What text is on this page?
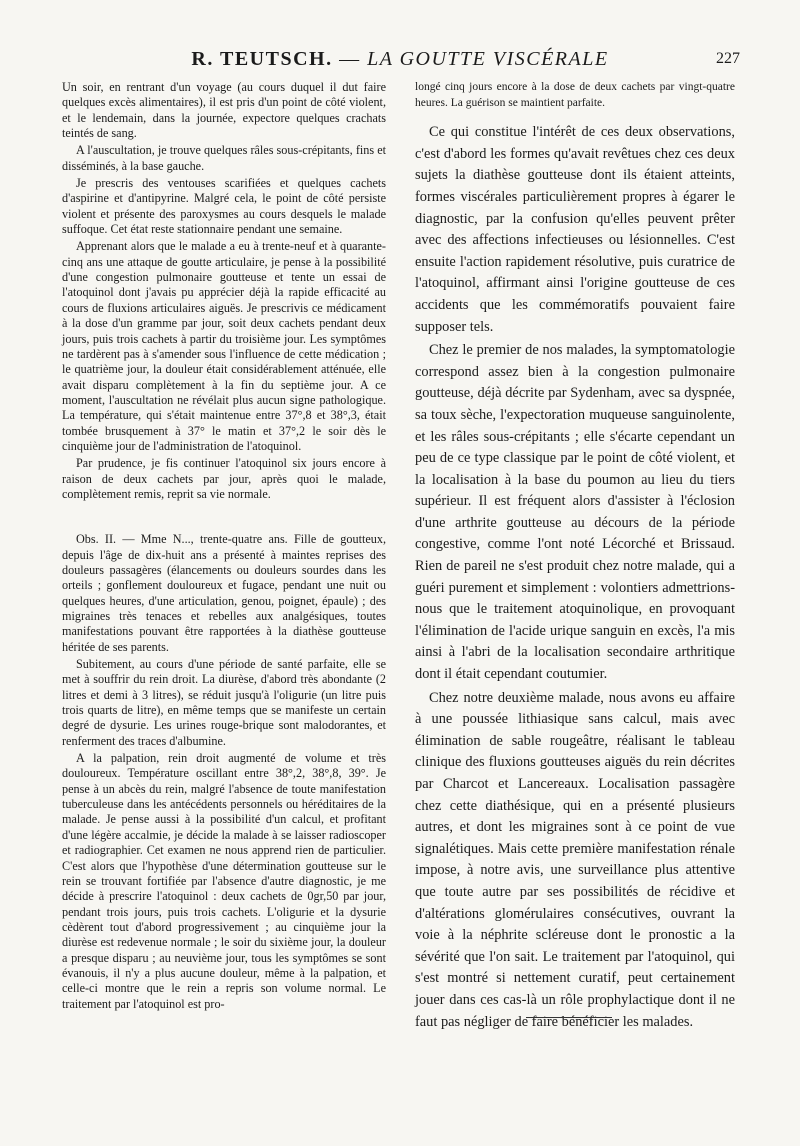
R. TEUTSCH. — LA GOUTTE VISCÉRALE	227

Un soir, en rentrant d'un voyage (au cours duquel il dut faire quelques excès alimentaires), il est pris d'un point de côté violent, et le lendemain, dans la journée, expectore quelques crachats teintés de sang.

A l'auscultation, je trouve quelques râles sous-crépitants, fins et disséminés, à la base gauche.

Je prescris des ventouses scarifiées et quelques cachets d'aspirine et d'antipyrine. Malgré cela, le point de côté persiste violent et présente des paroxysmes au cours desquels le malade suffoque. Cet état reste stationnaire pendant une semaine.

Apprenant alors que le malade a eu à trente-neuf et à quarante-cinq ans une attaque de goutte articulaire, je pense à la possibilité d'une congestion pulmonaire goutteuse et tente un essai de l'atoquinol dont j'avais pu apprécier déjà la rapide efficacité au cours de fluxions articulaires aiguës. Je prescrivis ce médicament à la dose d'un gramme par jour, soit deux cachets pendant deux jours, puis trois cachets à partir du troisième jour. Les symptômes ne tardèrent pas à s'amender sous l'influence de cette médication ; le quatrième jour, la douleur était considérablement atténuée, elle avait disparu complètement à la fin du septième jour. A ce moment, l'auscultation ne révélait plus aucun signe pathologique. La température, qui s'était maintenue entre 37°,8 et 38°,3, était tombée brusquement à 37° le matin et 37°,2 le soir dès le cinquième jour de l'administration de l'atoquinol.

Par prudence, je fis continuer l'atoquinol six jours encore à raison de deux cachets par jour, après quoi le malade, complètement remis, reprit sa vie normale.

Obs. II. — Mme N..., trente-quatre ans. Fille de goutteux, depuis l'âge de dix-huit ans a présenté à maintes reprises des douleurs passagères (élancements ou douleurs sourdes dans les orteils ; gonflement douloureux et fugace, pendant une nuit ou quelques heures, d'une articulation, genou, poignet, épaule) ; des migraines très tenaces et rebelles aux analgésiques, toutes manifestations pouvant être rapportées à la diathèse goutteuse héritée de ses parents.

Subitement, au cours d'une période de santé parfaite, elle se met à souffrir du rein droit. La diurèse, d'abord très abondante (2 litres et demi à 3 litres), se réduit jusqu'à l'oligurie (un litre puis trois quarts de litre), en même temps que se manifeste un certain degré de dysurie. Les urines rouge-brique sont malodorantes, et renferment des traces d'albumine.

A la palpation, rein droit augmenté de volume et très douloureux. Température oscillant entre 38°,2, 38°,8, 39°. Je pense à un abcès du rein, malgré l'absence de toute manifestation tuberculeuse dans les antécédents personnels ou héréditaires de la malade. Je pense aussi à la possibilité d'un calcul, et profitant d'une légère accalmie, je décide la malade à se laisser radioscoper et radiographier. Cet examen ne nous apprend rien de particulier. C'est alors que l'hypothèse d'une détermination goutteuse sur le rein se trouvant fortifiée par l'absence d'autre diagnostic, je me décide à prescrire l'atoquinol : deux cachets de 0gr,50 par jour, pendant trois jours, puis trois cachets. L'oligurie et la dysurie cèdèrent tout d'abord progressivement ; au cinquième jour la diurèse est redevenue normale ; le soir du sixième jour, la douleur a presque disparu ; au neuvième jour, tous les symptômes se sont évanouis, il n'y a plus aucune douleur, même à la palpation, et celle-ci montre que le rein a repris son volume normal. Le traitement par l'atoquinol est pro-

longé cinq jours encore à la dose de deux cachets par vingt-quatre heures. La guérison se maintient parfaite.

Ce qui constitue l'intérêt de ces deux observations, c'est d'abord les formes qu'avait revêtues chez ces deux sujets la diathèse goutteuse dont ils étaient atteints, formes viscérales particulièrement propres à égarer le diagnostic, par la confusion qu'elles peuvent prêter avec des affections infectieuses ou lésionnelles. C'est ensuite l'action rapidement résolutive, puis curatrice de l'atoquinol, affirmant ainsi l'origine goutteuse de ces accidents que les commémoratifs pouvaient faire supposer tels.

Chez le premier de nos malades, la symptomatologie correspond assez bien à la congestion pulmonaire goutteuse, déjà décrite par Sydenham, avec sa dyspnée, sa toux sèche, l'expectoration muqueuse sanguinolente, et les râles sous-crépitants ; elle s'écarte cependant un peu de ce type classique par le point de côté violent, et la localisation à la base du poumon au lieu du tiers supérieur. Il est fréquent alors d'assister à l'éclosion d'une arthrite goutteuse au décours de la période congestive, comme l'ont noté Lécorché et Brissaud. Rien de pareil ne s'est produit chez notre malade, qui a guéri purement et simplement : volontiers admettrions-nous que le traitement atoquinolique, en provoquant l'élimination de l'acide urique sanguin en excès, l'a mis ainsi à l'abri de la localisation secondaire arthritique dont il était cependant coutumier.

Chez notre deuxième malade, nous avons eu affaire à une poussée lithiasique sans calcul, mais avec élimination de sable rougeâtre, réalisant le tableau clinique des fluxions goutteuses aiguës du rein décrites par Charcot et Lancereaux. Localisation passagère chez cette diathésique, qui en a présenté plusieurs autres, et dont les migraines sont à ce point de vue signalétiques. Mais cette première manifestation rénale impose, à notre avis, une surveillance plus attentive que toute autre par ses possibilités de récidive et d'altérations glomérulaires consécutives, ouvrant la voie à la néphrite scléreuse dont le pronostic a la sévérité que l'on sait. Le traitement par l'atoquinol, qui s'est montré si nettement curatif, peut certainement jouer dans ces cas-là un rôle prophylactique dont il ne faut pas négliger de faire bénéficier les malades.
